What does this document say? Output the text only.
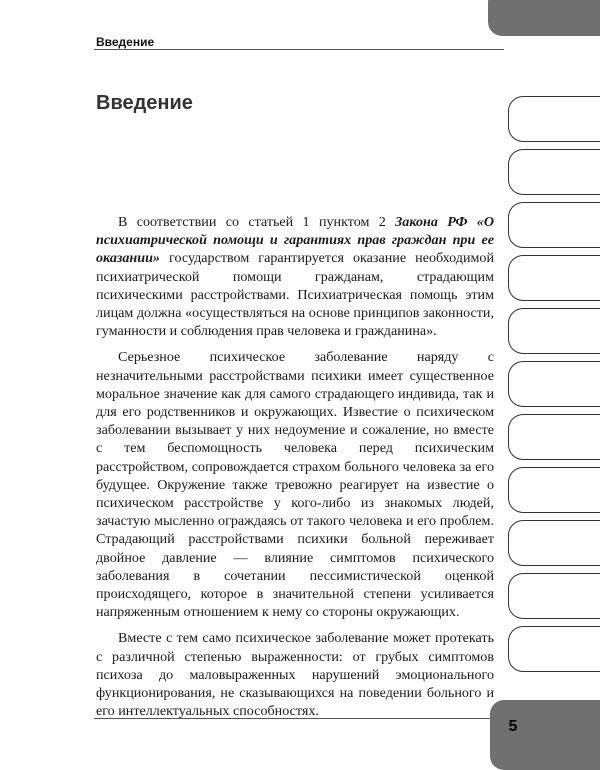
Введение
Введение

В соответствии со статьей 1 пунктом 2 Закона РФ «О психиатрической помощи и гарантиях прав граждан при ее оказании» государством гарантируется оказание необходимой психиатрической помощи гражданам, страдающим психическими расстройствами. Психиатрическая помощь этим лицам должна «осуществляться на основе принципов законности, гуманности и соблюдения прав человека и гражданина».

Серьезное психическое заболевание наряду с незначительными расстройствами психики имеет существенное моральное значение как для самого страдающего индивида, так и для его родственников и окружающих. Известие о психическом заболевании вызывает у них недоумение и сожаление, но вместе с тем беспомощность человека перед психическим расстройством, сопровождается страхом больного человека за его будущее. Окружение также тревожно реагирует на известие о психическом расстройстве у кого-либо из знакомых людей, зачастую мысленно ограждаясь от такого человека и его проблем. Страдающий расстройствами психики больной переживает двойное давление — влияние симптомов психического заболевания в сочетании пессимистической оценкой происходящего, которое в значительной степени усиливается напряженным отношением к нему со стороны окружающих.

Вместе с тем само психическое заболевание может протекать с различной степенью выраженности: от грубых симптомов психоза до маловыраженных нарушений эмоционального функционирования, не сказывающихся на поведении больного и его интеллектуальных способностях.

5
